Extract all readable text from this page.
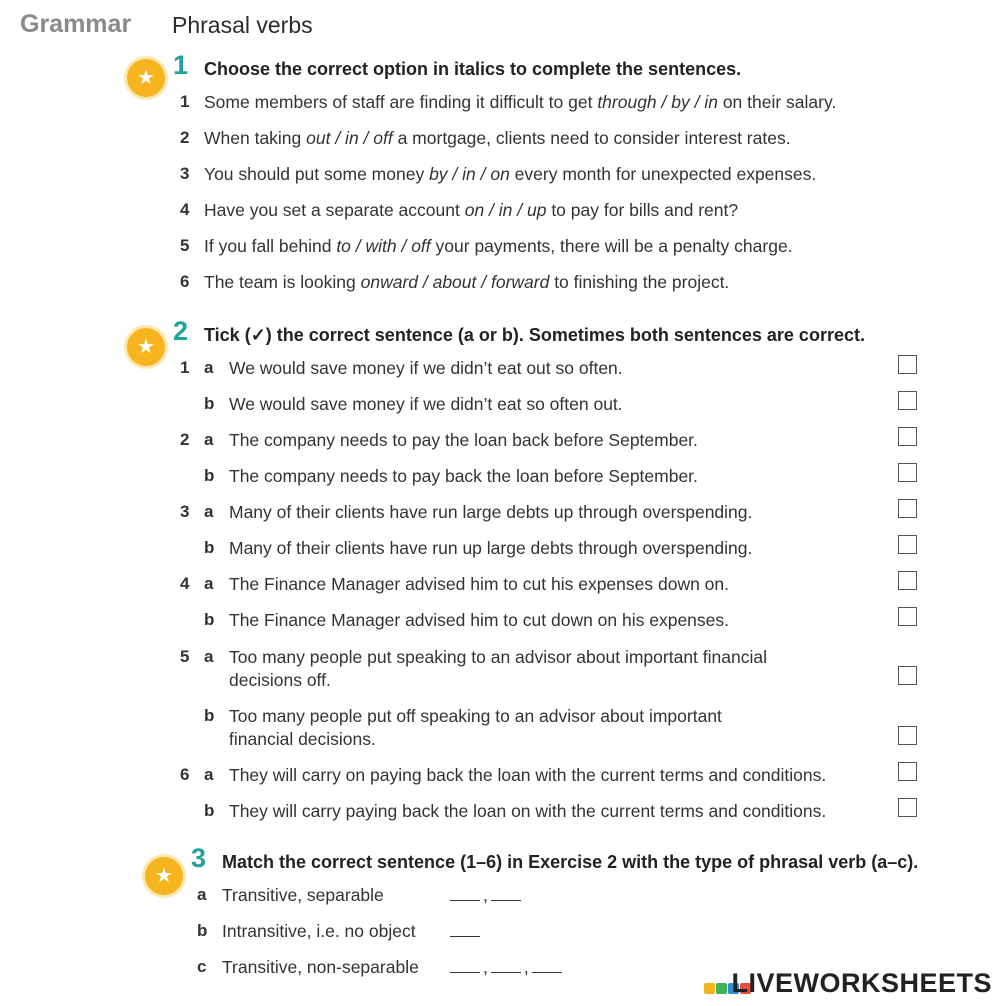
Grammar Phrasal verbs
★ 1 Choose the correct option in italics to complete the sentences.
1 Some members of staff are finding it difficult to get through / by / in on their salary.
2 When taking out / in / off a mortgage, clients need to consider interest rates.
3 You should put some money by / in / on every month for unexpected expenses.
4 Have you set a separate account on / in / up to pay for bills and rent?
5 If you fall behind to / with / off your payments, there will be a penalty charge.
6 The team is looking onward / about / forward to finishing the project.
★
2 Tick (✓) the correct sentence (a or b). Sometimes both sentences are correct.
1 a We would save money if we didn’t eat out so often.
b We would save money if we didn’t eat so often out.
2 a The company needs to pay the loan back before September.
b The company needs to pay back the loan before September.
3 a Many of their clients have run large debts up through overspending.
b Many of their clients have run up large debts through overspending.
4 a The Finance Manager advised him to cut his expenses down on.
b The Finance Manager advised him to cut down on his expenses.
5 a Too many people put speaking to an advisor about important financial
decisions off.
b Too many people put off speaking to an advisor about important
financial decisions.
6 a They will carry on paying back the loan with the current terms and conditions.
b They will carry paying back the loan on with the current terms and conditions.
★
3 Match the correct sentence (1–6) in Exercise 2 with the type of phrasal verb (a–c).
a Transitive, separable	,
b Intransitive, i.e. no object
c Transitive, non-separable	, ,
LIVEWORKSHEETS
